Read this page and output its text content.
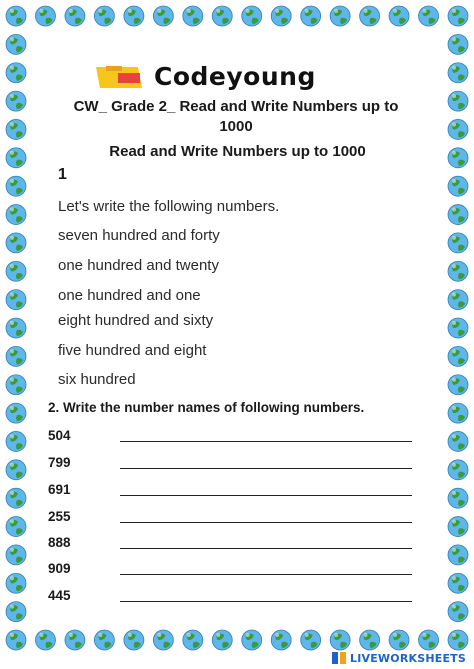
Codeyoung
CW_ Grade 2_ Read and Write Numbers up to
1000
Read and Write Numbers up to 1000
1
Let's write the following numbers.
seven hundred and forty
one hundred and twenty
one hundred and one
eight hundred and sixty
five hundred and eight
six hundred
2. Write the number names of following numbers.
504
799
691
255
888
909
445
LIVEWORKSHEETS
